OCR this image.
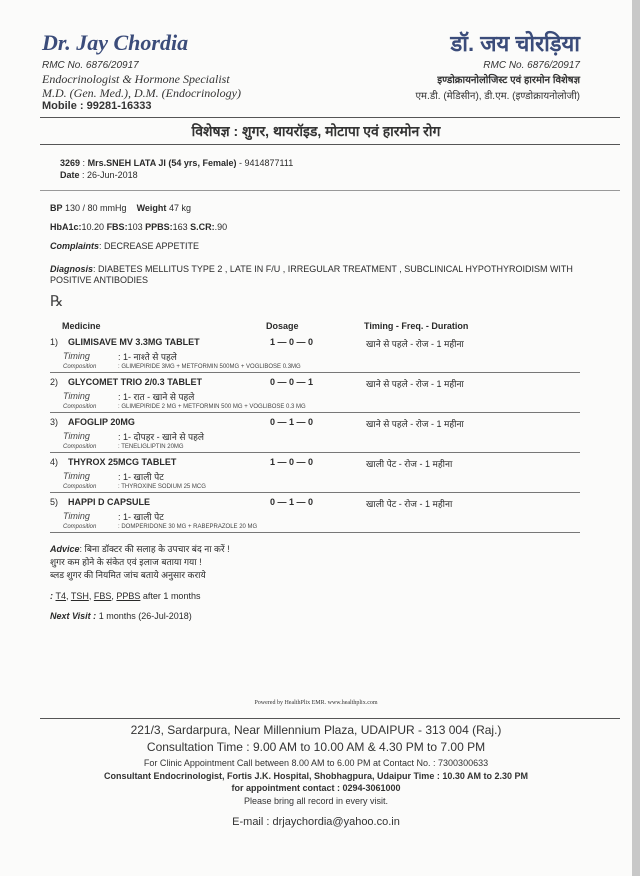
Dr. Jay Chordia
RMC No. 6876/20917
Endocrinologist & Hormone Specialist
M.D. (Gen. Med.), D.M. (Endocrinology)
Mobile : 99281-16333
डॉ. जय चोरड़िया
RMC No. 6876/20917
इण्डोक्रायनोलोजिस्ट एवं हारमोन विशेषज्ञ
एम.डी. (मेडिसीन), डी.एम. (इण्डोक्रायनोलोजी)
विशेषज्ञ : शुगर, थायरॉइड, मोटापा एवं हारमोन रोग
3269 : Mrs.SNEH LATA JI (54 yrs, Female) - 9414877111
Date : 26-Jun-2018
BP 130 / 80 mmHg Weight 47 kg
HbA1c:10.20 FBS:103 PPBS:163 S.CR:.90
Complaints: DECREASE APPETITE
Diagnosis: DIABETES MELLITUS TYPE 2 , LATE IN F/U , IRREGULAR TREATMENT , SUBCLINICAL HYPOTHYROIDISM WITH POSITIVE ANTIBODIES
℞
Medicine	Dosage	Timing - Freq. - Duration
1) GLIMISAVE MV 3.3MG TABLET	1 — 0 — 0	खाने से पहले - रोज - 1 महीना
Timing	: 1- नाश्ते से पहले
Composition	: GLIMEPIRIDE 3MG + METFORMIN 500MG + VOGLIBOSE 0.3MG
2) GLYCOMET TRIO 2/0.3 TABLET	0 — 0 — 1	खाने से पहले - रोज - 1 महीना
Timing	: 1- रात - खाने से पहले
Composition	: GLIMEPIRIDE 2 MG + METFORMIN 500 MG + VOGLIBOSE 0.3 MG
3) AFOGLIP 20MG	0 — 1 — 0	खाने से पहले - रोज - 1 महीना
Timing	: 1- दोपहर - खाने से पहले
Composition	: TENELIGLIPTIN 20MG
4) THYROX 25MCG TABLET	1 — 0 — 0	खाली पेट - रोज - 1 महीना
Timing	: 1- खाली पेट
Composition	: THYROXINE SODIUM 25 MCG
5) HAPPI D CAPSULE	0 — 1 — 0	खाली पेट - रोज - 1 महीना
Timing	: 1- खाली पेट
Composition	: DOMPERIDONE 30 MG + RABEPRAZOLE 20 MG
Advice: बिना डॉक्टर की सलाह के उपचार बंद ना करें !
शुगर कम होने के संकेत एवं इलाज बताया गया !
ब्लड शुगर की नियमित जांच बताये अनुसार कराये
: T4, TSH, FBS, PPBS after 1 months
Next Visit : 1 months (26-Jul-2018)
Powered by HealthPlix EMR. www.healthplix.com
221/3, Sardarpura, Near Millennium Plaza, UDAIPUR - 313 004 (Raj.)
Consultation Time : 9.00 AM to 10.00 AM & 4.30 PM to 7.00 PM
For Clinic Appointment Call between 8.00 AM to 6.00 PM at Contact No. : 7300300633
Consultant Endocrinologist, Fortis J.K. Hospital, Shobhagpura, Udaipur Time : 10.30 AM to 2.30 PM
for appointment contact : 0294-3061000
Please bring all record in every visit.
E-mail : drjaychordia@yahoo.co.in
